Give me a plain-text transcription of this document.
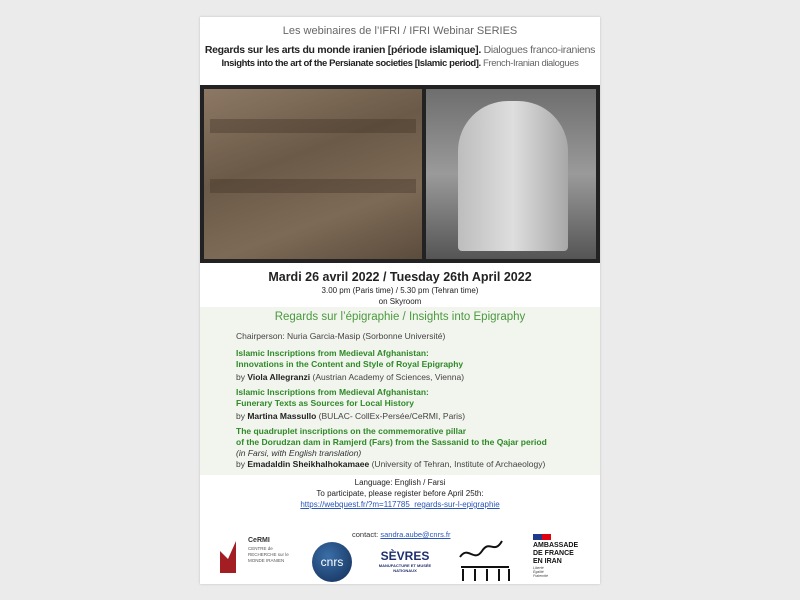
Les webinaires de l’IFRI / IFRI Webinar SERIES
Regards sur les arts du monde iranien [période islamique]. Dialogues franco-iraniens
Insights into the art of the Persianate societies [Islamic period]. French-Iranian dialogues
Mardi 26 avril 2022 / Tuesday 26th April 2022
3.00 pm (Paris time) / 5.30 pm (Tehran time)
on Skyroom
Regards sur l’épigraphie / Insights into Epigraphy
Chairperson: Nuria Garcia-Masip (Sorbonne Université)
Islamic Inscriptions from Medieval Afghanistan:
Innovations in the Content and Style of Royal Epigraphy
by Viola Allegranzi (Austrian Academy of Sciences, Vienna)
Islamic Inscriptions from Medieval Afghanistan:
Funerary Texts as Sources for Local History
by Martina Massullo (BULAC- CollEx-Persée/CeRMI, Paris)
The quadruplet inscriptions on the commemorative pillar
of the Dorudzan dam in Ramjerd (Fars) from the Sassanid to the Qajar period
(in Farsi, with English translation)
by Emadaldin Sheikhalhokamaee (University of Tehran, Institute of Archaeology)
Language: English / Farsi
To participate, please register before April 25th:
https://webquest.fr/?m=117785_regards-sur-l-epigraphie
contact: sandra.aube@cnrs.fr
CeRMI
CENTRE de
RECHERCHE sur le
MONDE IRANIEN	cnrs	SÈVRES
MANUFACTURE ET MUSÉE NATIONAUX
AMBASSADE
DE FRANCE
EN IRAN
Liberté Égalité Fraternité
